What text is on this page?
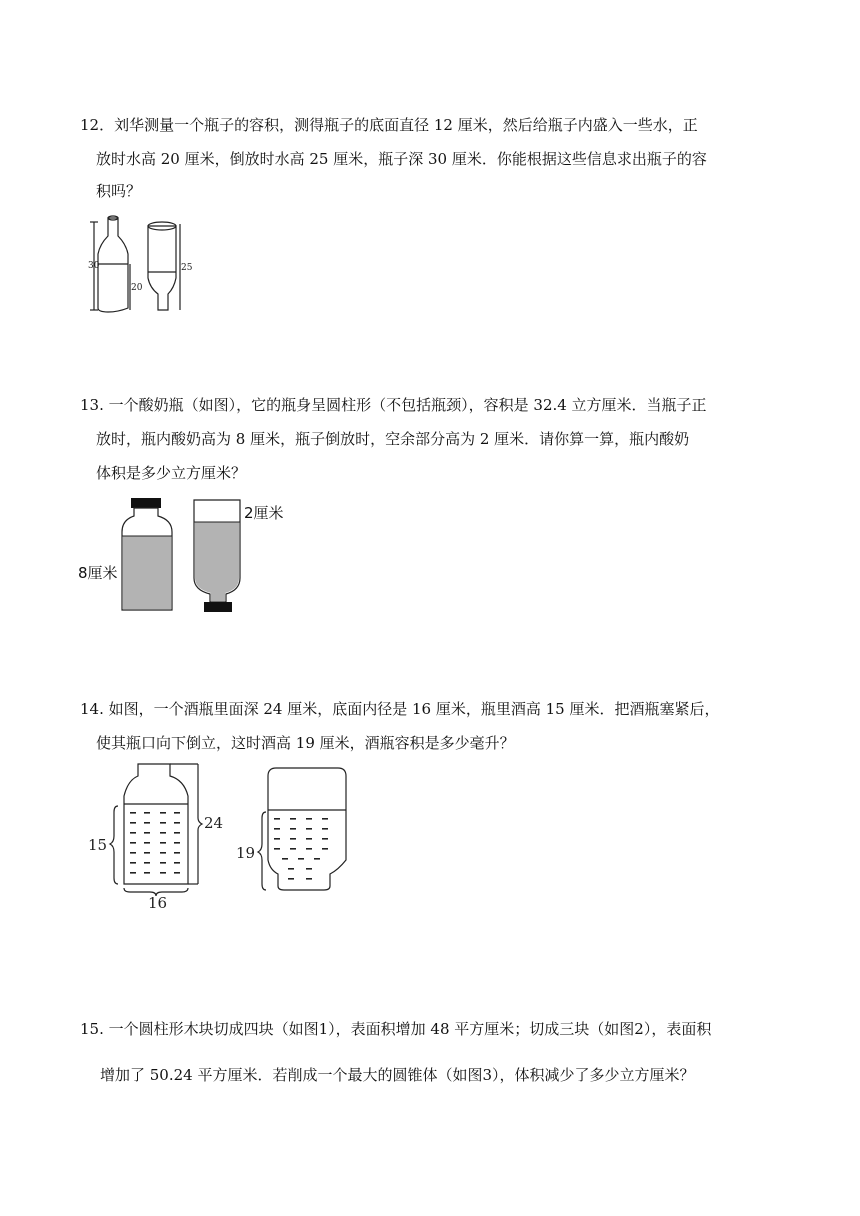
12．刘华测量一个瓶子的容积，测得瓶子的底面直径 12 厘米，然后给瓶子内盛入一些水，正
放时水高 20 厘米，倒放时水高 25 厘米，瓶子深 30 厘米．你能根据这些信息求出瓶子的容
积吗？
30
20
25
13. 一个酸奶瓶（如图），它的瓶身呈圆柱形（不包括瓶颈），容积是 32.4 立方厘米．当瓶子正
放时，瓶内酸奶高为 8 厘米，瓶子倒放时，空余部分高为 2 厘米．请你算一算，瓶内酸奶
体积是多少立方厘米？
2厘米
8厘米
14. 如图，一个酒瓶里面深 24 厘米，底面内径是 16 厘米，瓶里酒高 15 厘米．把酒瓶塞紧后，
使其瓶口向下倒立，这时酒高 19 厘米，酒瓶容积是多少毫升？
24
15
16
19
15. 一个圆柱形木块切成四块（如图1），表面积增加 48 平方厘米；切成三块（如图2），表面积
增加了 50.24 平方厘米．若削成一个最大的圆锥体（如图3），体积减少了多少立方厘米？
